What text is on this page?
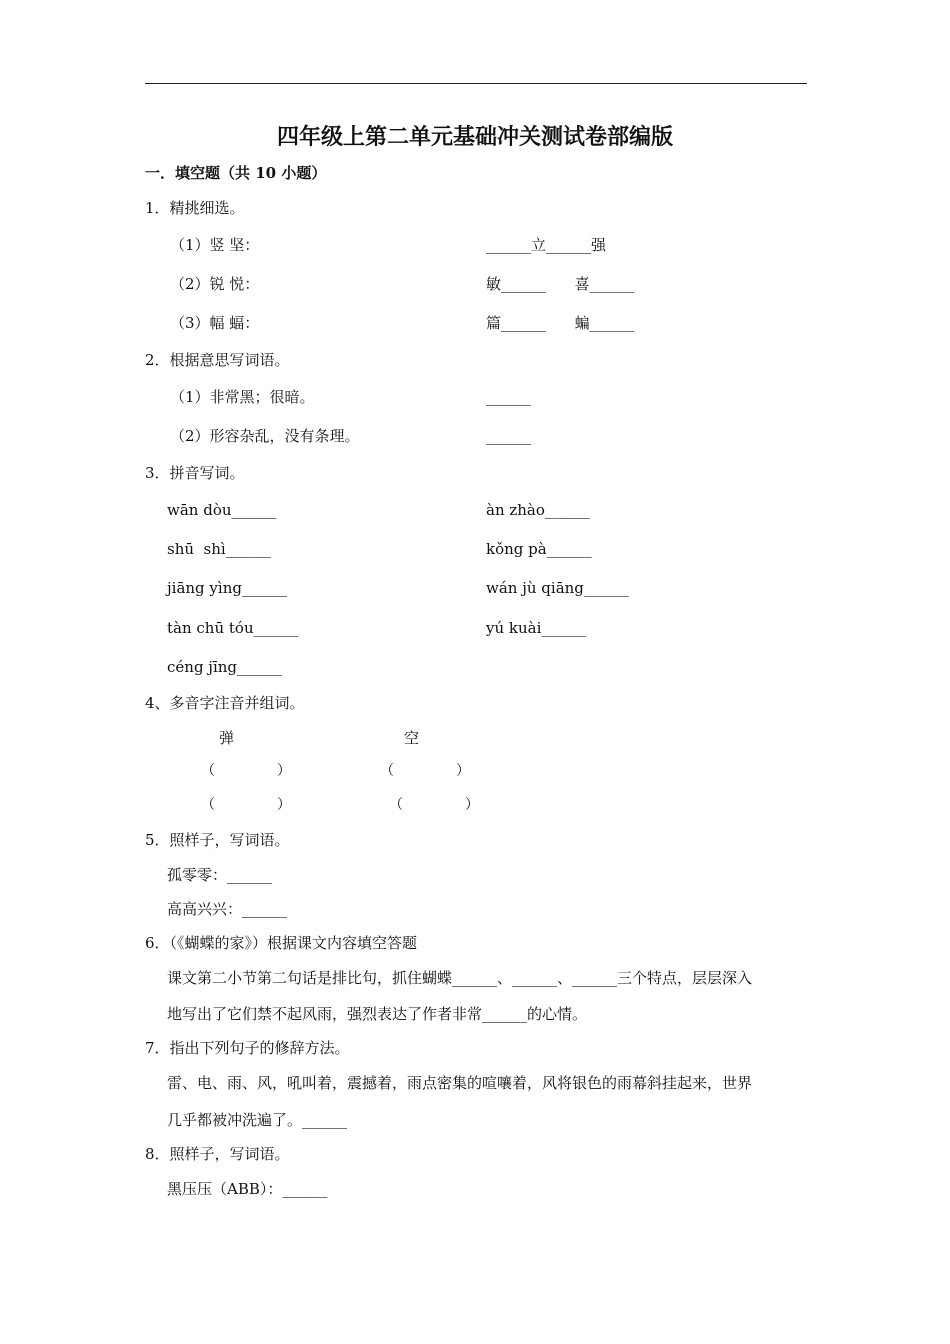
四年级上第二单元基础冲关测试卷部编版
一．填空题（共 10 小题）
1．精挑细选。
（1）竖 坚：	______立______强
（2）锐 悦：	敏______      喜______
（3）幅 蝠：	篇______      蝙______
2．根据意思写词语。
（1）非常黑；很暗。	______
（2）形容杂乱，没有条理。	______
3．拼音写词。
wān dòu______	àn zhào______
shū  shì______	kǒng pà______
jiāng yìng______	wán jù qiāng______
tàn chū tóu______	yú kuài______
céng jīng______
4、多音字注音并组词。
弹	空
（	）	（	）
（	）	（	）
5．照样子，写词语。
孤零零：______
高高兴兴：______
6．（《蝴蝶的家》）根据课文内容填空答题
课文第二小节第二句话是排比句，抓住蝴蝶______、______、______三个特点，层层深入
地写出了它们禁不起风雨，强烈表达了作者非常______的心情。
7．指出下列句子的修辞方法。
雷、电、雨、风，吼叫着，震撼着，雨点密集的喧嚷着，风将银色的雨幕斜挂起来，世界
几乎都被冲洗遍了。______
8．照样子，写词语。
黑压压（ABB）：______
